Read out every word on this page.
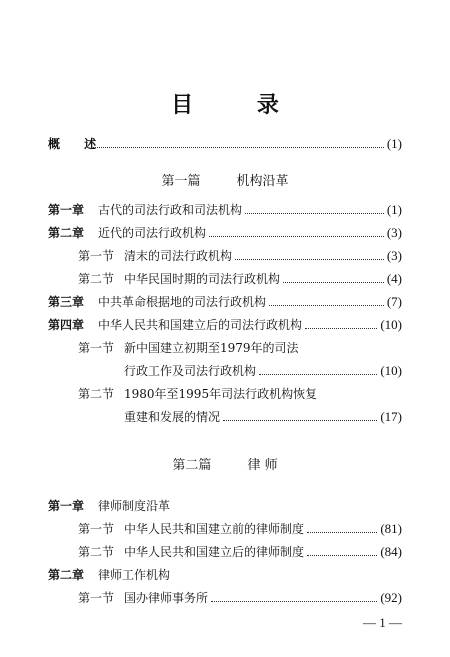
目 录
概 述	(1)
第一篇	机构沿革
第一章	古代的司法行政和司法机构	(1)
第二章	近代的司法行政机构	(3)
第一节 清末的司法行政机构	(3)
第二节 中华民国时期的司法行政机构	(4)
第三章	中共革命根据地的司法行政机构	(7)
第四章	中华人民共和国建立后的司法行政机构	(10)
第一节 新中国建立初期至1979年的司法
行政工作及司法行政机构	(10)
第二节 1980年至1995年司法行政机构恢复
重建和发展的情况	(17)
第二篇	律 师
第一章	律师制度沿革
第一节 中华人民共和国建立前的律师制度	(81)
第二节 中华人民共和国建立后的律师制度	(84)
第二章	律师工作机构
第一节 国办律师事务所	(92)
— 1 —
